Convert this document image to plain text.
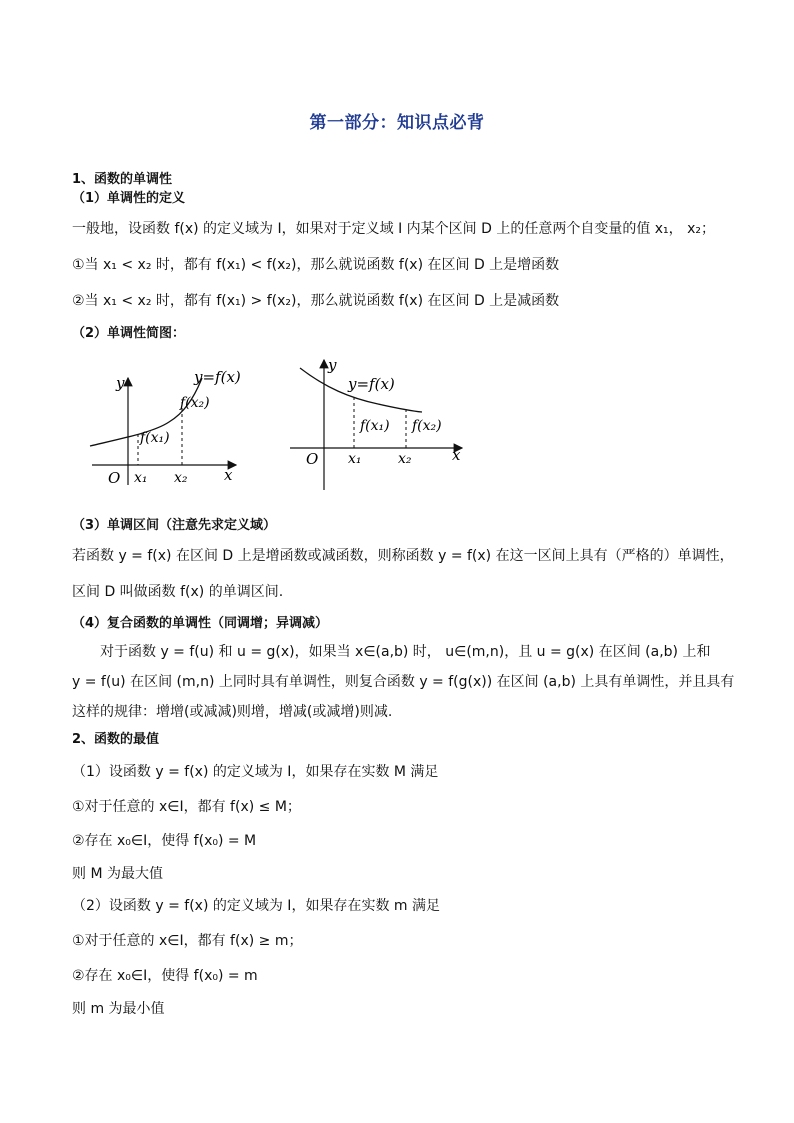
第一部分：知识点必背
1、函数的单调性
（1）单调性的定义
一般地，设函数 f(x) 的定义域为 I，如果对于定义域 I 内某个区间 D 上的任意两个自变量的值 x₁， x₂；
①当 x₁ < x₂ 时，都有 f(x₁) < f(x₂)，那么就说函数 f(x) 在区间 D 上是增函数
②当 x₁ < x₂ 时，都有 f(x₁) > f(x₂)，那么就说函数 f(x) 在区间 D 上是减函数
（2）单调性简图：
y
x
O
y=f(x)
f(x₁)
f(x₂)
x₁ x₂
y
x
O
y=f(x)
f(x₁) f(x₂)
x₁	x₂
（3）单调区间（注意先求定义域）
若函数 y = f(x) 在区间 D 上是增函数或减函数，则称函数 y = f(x) 在这一区间上具有（严格的）单调性，
区间 D 叫做函数 f(x) 的单调区间.
（4）复合函数的单调性（同调增；异调减）
对于函数 y = f(u) 和 u = g(x)，如果当 x∈(a,b) 时， u∈(m,n)，且 u = g(x) 在区间 (a,b) 上和
y = f(u) 在区间 (m,n) 上同时具有单调性，则复合函数 y = f(g(x)) 在区间 (a,b) 上具有单调性，并且具有
这样的规律：增增(或减减)则增，增减(或减增)则减.
2、函数的最值
（1）设函数 y = f(x) 的定义域为 I，如果存在实数 M 满足
①对于任意的 x∈I，都有 f(x) ≤ M；
②存在 x₀∈I，使得 f(x₀) = M
则 M 为最大值
（2）设函数 y = f(x) 的定义域为 I，如果存在实数 m 满足
①对于任意的 x∈I，都有 f(x) ≥ m；
②存在 x₀∈I，使得 f(x₀) = m
则 m 为最小值
